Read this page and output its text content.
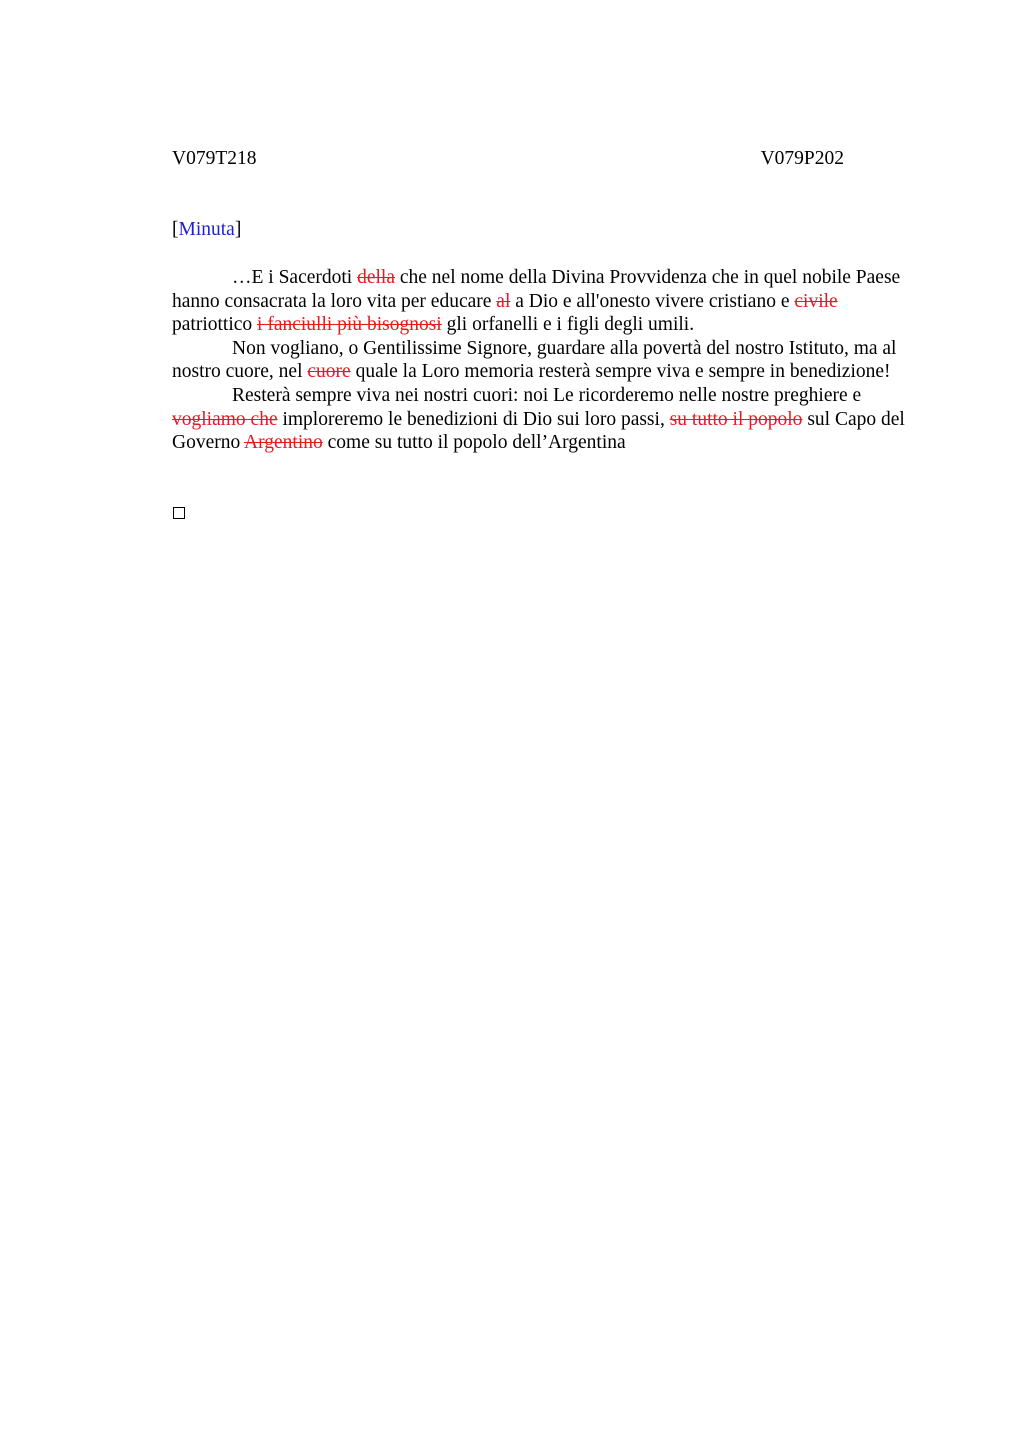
V079T218	V079P202
[Minuta]

…E i Sacerdoti della che nel nome della Divina Provvidenza che in quel nobile Paese hanno consacrata la loro vita per educare al a Dio e all'onesto vivere cristiano e civile patriottico i fanciulli più bisognosi gli orfanelli e i figli degli umili.

Non vogliano, o Gentilissime Signore, guardare alla povertà del nostro Istituto, ma al nostro cuore, nel cuore quale la Loro memoria resterà sempre viva e sempre in benedizione!

Resterà sempre viva nei nostri cuori: noi Le ricorderemo nelle nostre preghiere e vogliamo che imploreremo le benedizioni di Dio sui loro passi, su tutto il popolo sul Capo del Governo Argentino come su tutto il popolo dell’Argentina
